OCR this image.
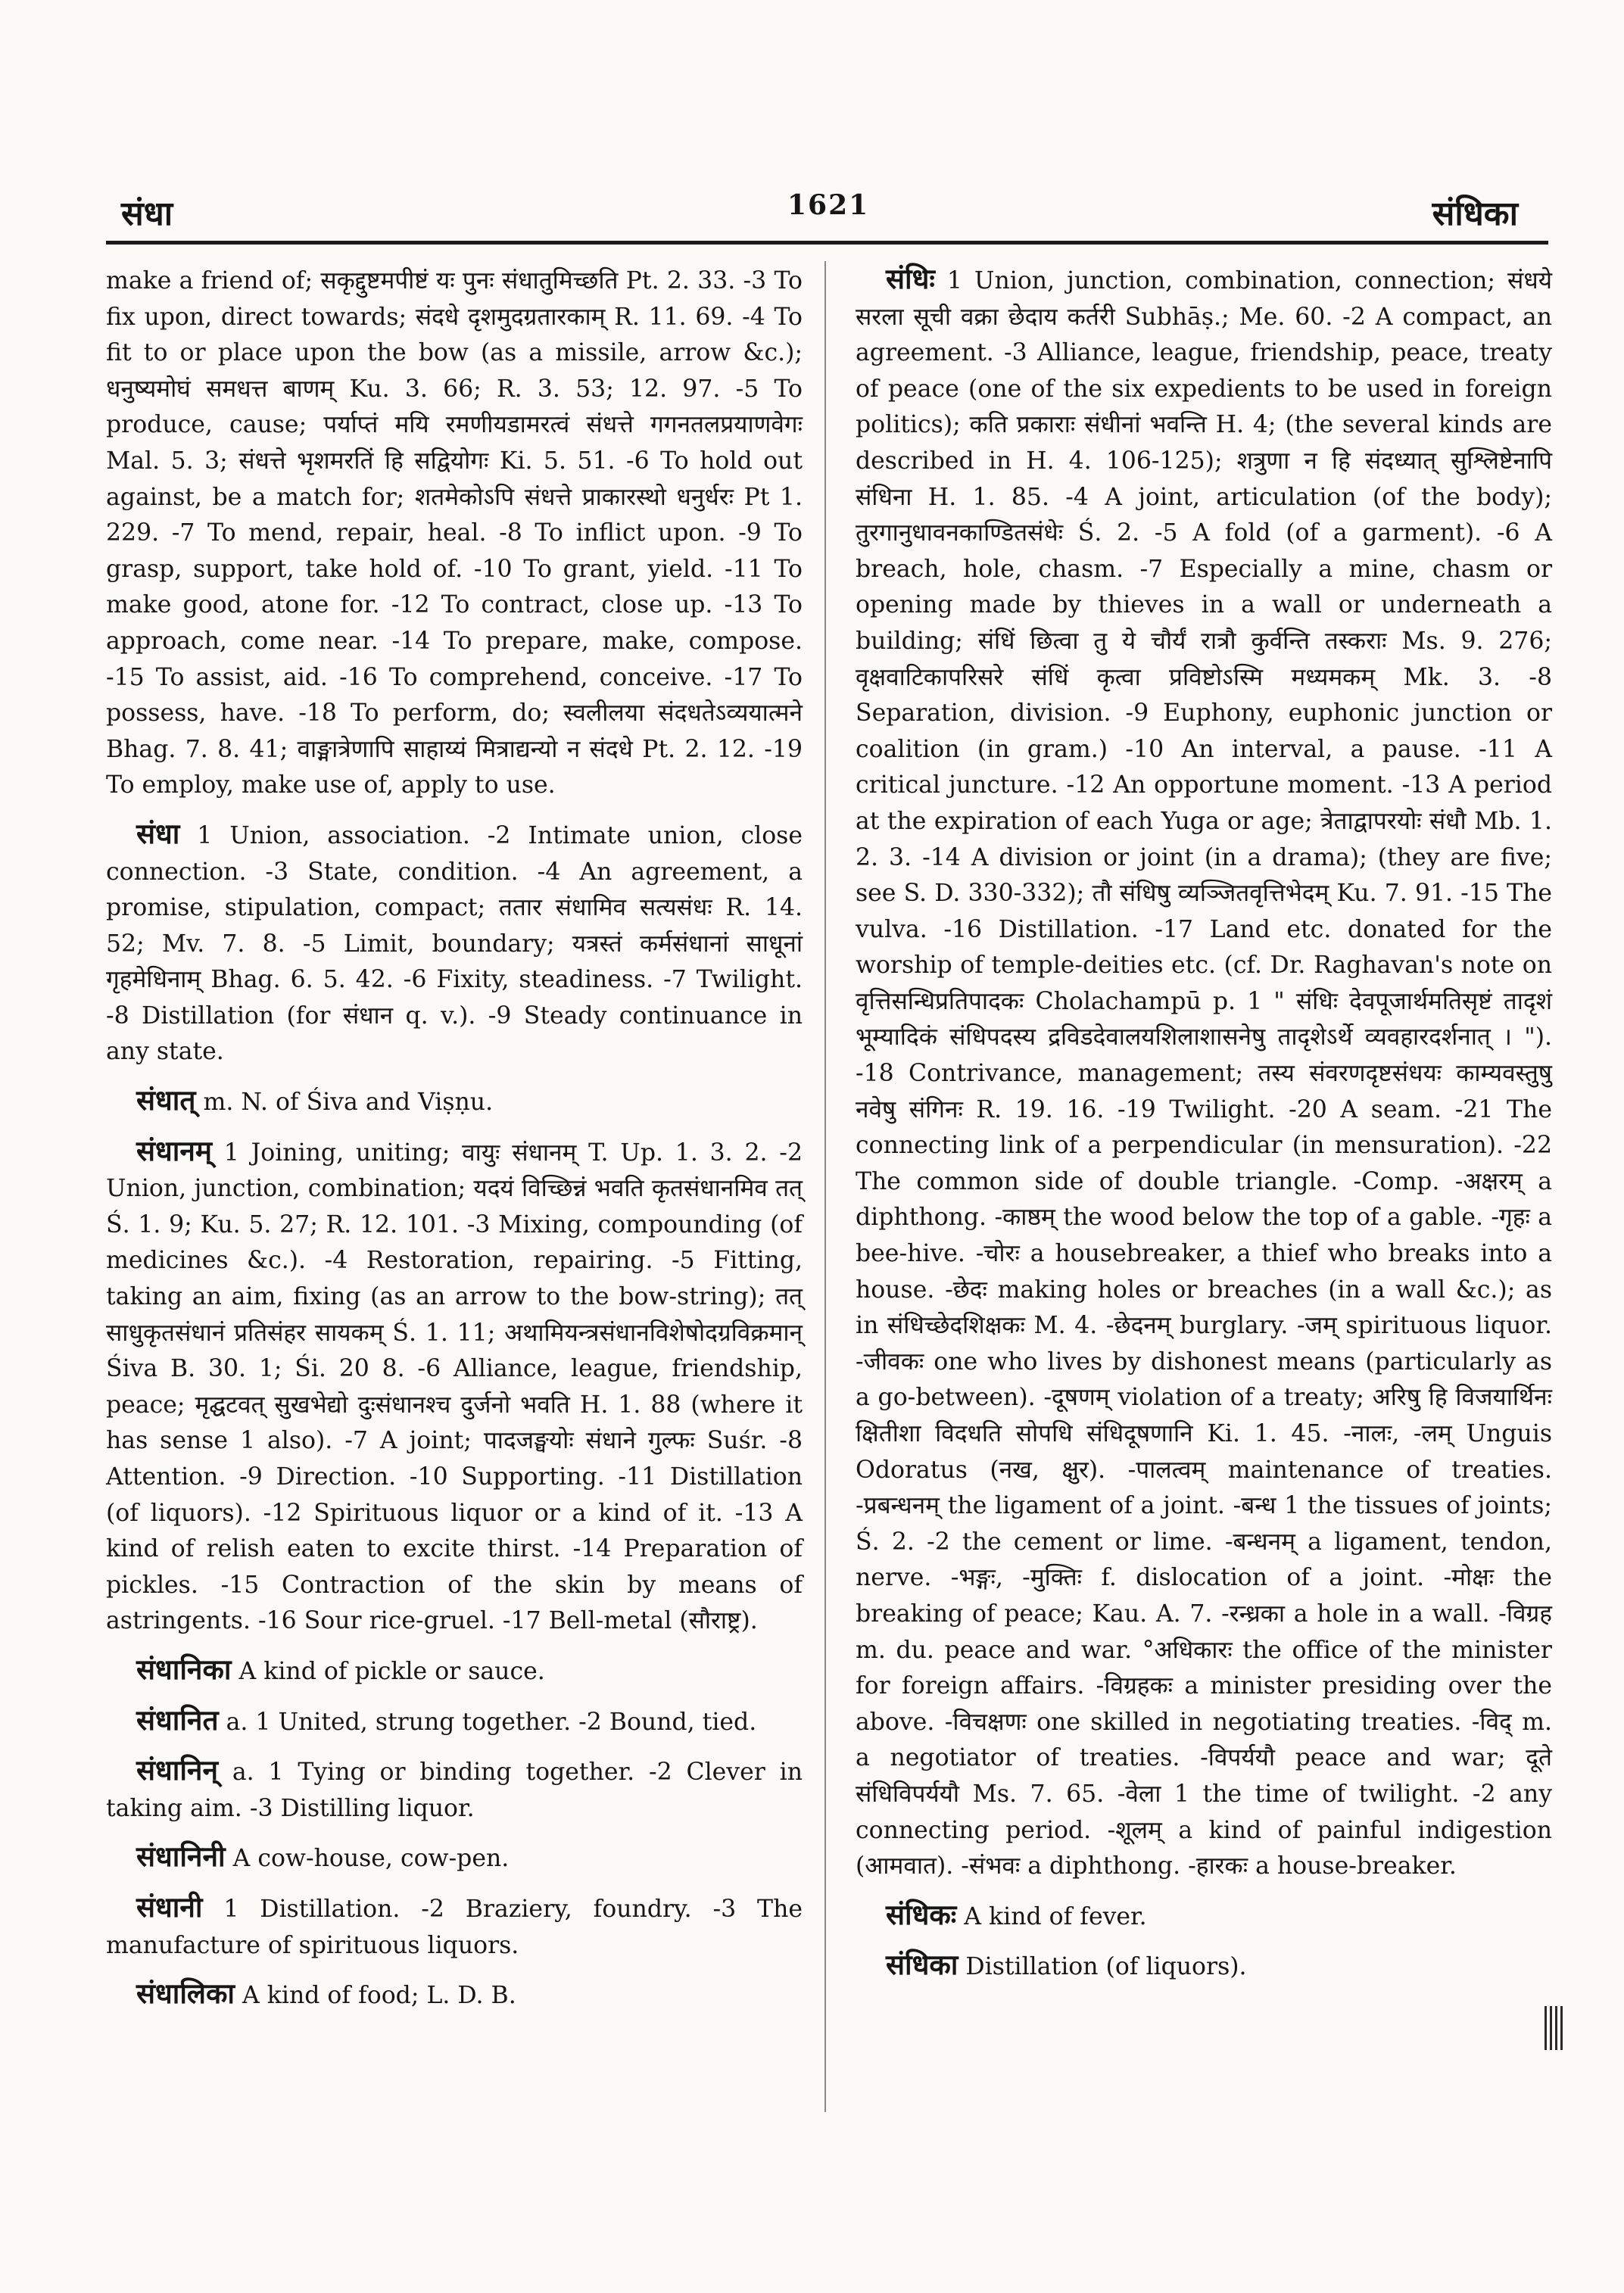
संधा	1621	संधिका

make a friend of; सकृद्दुष्टमपीष्टं यः पुनः संधातुमिच्छति Pt. 2. 33. -3 To fix upon, direct towards; संदधे दृशमुदग्रतारकाम् R. 11. 69. -4 To fit to or place upon the bow (as a missile, arrow &c.); धनुष्यमोघं समधत्त बाणम् Ku. 3. 66; R. 3. 53; 12. 97. -5 To produce, cause; पर्याप्तं मयि रमणीयडामरत्वं संधत्ते गगनतलप्रयाणवेगः Mal. 5. 3; संधत्ते भृशमरतिं हि सद्वियोगः Ki. 5. 51. -6 To hold out against, be a match for; शतमेकोऽपि संधत्ते प्राकारस्थो धनुर्धरः Pt 1. 229. -7 To mend, repair, heal. -8 To inflict upon. -9 To grasp, support, take hold of. -10 To grant, yield. -11 To make good, atone for. -12 To contract, close up. -13 To approach, come near. -14 To prepare, make, compose. -15 To assist, aid. -16 To comprehend, conceive. -17 To possess, have. -18 To perform, do; स्वलीलया संदधतेऽव्ययात्मने Bhag. 7. 8. 41; वाङ्मात्रेणापि साहाय्यं मित्राद्यन्यो न संदधे Pt. 2. 12. -19 To employ, make use of, apply to use.

संधा 1 Union, association. -2 Intimate union, close connection. -3 State, condition. -4 An agreement, a promise, stipulation, compact; ततार संधामिव सत्यसंधः R. 14. 52; Mv. 7. 8. -5 Limit, boundary; यत्रस्तं कर्मसंधानां साधूनां गृहमेधिनाम् Bhag. 6. 5. 42. -6 Fixity, steadiness. -7 Twilight. -8 Distillation (for संधान q. v.). -9 Steady continuance in any state.

संधात् m. N. of Śiva and Viṣṇu.

संधानम् 1 Joining, uniting; वायुः संधानम् T. Up. 1. 3. 2. -2 Union, junction, combination; यदयं विच्छिन्नं भवति कृतसंधानमिव तत् Ś. 1. 9; Ku. 5. 27; R. 12. 101. -3 Mixing, compounding (of medicines &c.). -4 Restoration, repairing. -5 Fitting, taking an aim, fixing (as an arrow to the bow-string); तत् साधुकृतसंधानं प्रतिसंहर सायकम् Ś. 1. 11; अथामियन्त्रसंधानविशेषोदग्रविक्रमान् Śiva B. 30. 1; Śi. 20 8. -6 Alliance, league, friendship, peace; मृद्घटवत् सुखभेद्यो दुःसंधानश्च दुर्जनो भवति H. 1. 88 (where it has sense 1 also). -7 A joint; पादजङ्घयोः संधाने गुल्फः Suśr. -8 Attention. -9 Direction. -10 Supporting. -11 Distillation (of liquors). -12 Spirituous liquor or a kind of it. -13 A kind of relish eaten to excite thirst. -14 Preparation of pickles. -15 Contraction of the skin by means of astringents. -16 Sour rice-gruel. -17 Bell-metal (सौराष्ट्र).

संधानिका A kind of pickle or sauce.

संधानित a. 1 United, strung together. -2 Bound, tied.

संधानिन् a. 1 Tying or binding together. -2 Clever in taking aim. -3 Distilling liquor.

संधानिनी A cow-house, cow-pen.

संधानी 1 Distillation. -2 Braziery, foundry. -3 The manufacture of spirituous liquors.

संधालिका A kind of food; L. D. B.

संधिः 1 Union, junction, combination, connection; संधये सरला सूची वक्रा छेदाय कर्तरी Subhāṣ.; Me. 60. -2 A compact, an agreement. -3 Alliance, league, friendship, peace, treaty of peace (one of the six expedients to be used in foreign politics); कति प्रकाराः संधीनां भवन्ति H. 4; (the several kinds are described in H. 4. 106-125); शत्रुणा न हि संदध्यात् सुश्लिष्टेनापि संधिना H. 1. 85. -4 A joint, articulation (of the body); तुरगानुधावनकाण्डितसंधेः Ś. 2. -5 A fold (of a garment). -6 A breach, hole, chasm. -7 Especially a mine, chasm or opening made by thieves in a wall or underneath a building; संधिं छित्वा तु ये चौर्यं रात्रौ कुर्वन्ति तस्कराः Ms. 9. 276; वृक्षवाटिकापरिसरे संधिं कृत्वा प्रविष्टोऽस्मि मध्यमकम् Mk. 3. -8 Separation, division. -9 Euphony, euphonic junction or coalition (in gram.) -10 An interval, a pause. -11 A critical juncture. -12 An opportune moment. -13 A period at the expiration of each Yuga or age; त्रेताद्वापरयोः संधौ Mb. 1. 2. 3. -14 A division or joint (in a drama); (they are five; see S. D. 330-332); तौ संधिषु व्यञ्जितवृत्तिभेदम् Ku. 7. 91. -15 The vulva. -16 Distillation. -17 Land etc. donated for the worship of temple-deities etc. (cf. Dr. Raghavan's note on वृत्तिसन्धिप्रतिपादकः Cholachampū p. 1 " संधिः देवपूजार्थमतिसृष्टं तादृशं भूम्यादिकं संधिपदस्य द्रविडदेवालयशिलाशासनेषु तादृशेऽर्थे व्यवहारदर्शनात् । "). -18 Contrivance, management; तस्य संवरणदृष्टसंधयः काम्यवस्तुषु नवेषु संगिनः R. 19. 16. -19 Twilight. -20 A seam. -21 The connecting link of a perpendicular (in mensuration). -22 The common side of double triangle. -Comp. -अक्षरम् a diphthong. -काष्ठम् the wood below the top of a gable. -गृहः a bee-hive. -चोरः a housebreaker, a thief who breaks into a house. -छेदः making holes or breaches (in a wall &c.); as in संधिच्छेदशिक्षकः M. 4. -छेदनम् burglary. -जम् spirituous liquor. -जीवकः one who lives by dishonest means (particularly as a go-between). -दूषणम् violation of a treaty; अरिषु हि विजयार्थिनः क्षितीशा विदधति सोपधि संधिदूषणानि Ki. 1. 45. -नालः, -लम् Unguis Odoratus (नख, क्षुर). -पालत्वम् maintenance of treaties. -प्रबन्धनम् the ligament of a joint. -बन्ध 1 the tissues of joints; Ś. 2. -2 the cement or lime. -बन्धनम् a ligament, tendon, nerve. -भङ्गः, -मुक्तिः f. dislocation of a joint. -मोक्षः the breaking of peace; Kau. A. 7. -रन्ध्रका a hole in a wall. -विग्रह m. du. peace and war. °अधिकारः the office of the minister for foreign affairs. -विग्रहकः a minister presiding over the above. -विचक्षणः one skilled in negotiating treaties. -विद् m. a negotiator of treaties. -विपर्ययौ peace and war; दूते संधिविपर्ययौ Ms. 7. 65. -वेला 1 the time of twilight. -2 any connecting period. -शूलम् a kind of painful indigestion (आमवात). -संभवः a diphthong. -हारकः a house-breaker.

संधिकः A kind of fever.

संधिका Distillation (of liquors).
